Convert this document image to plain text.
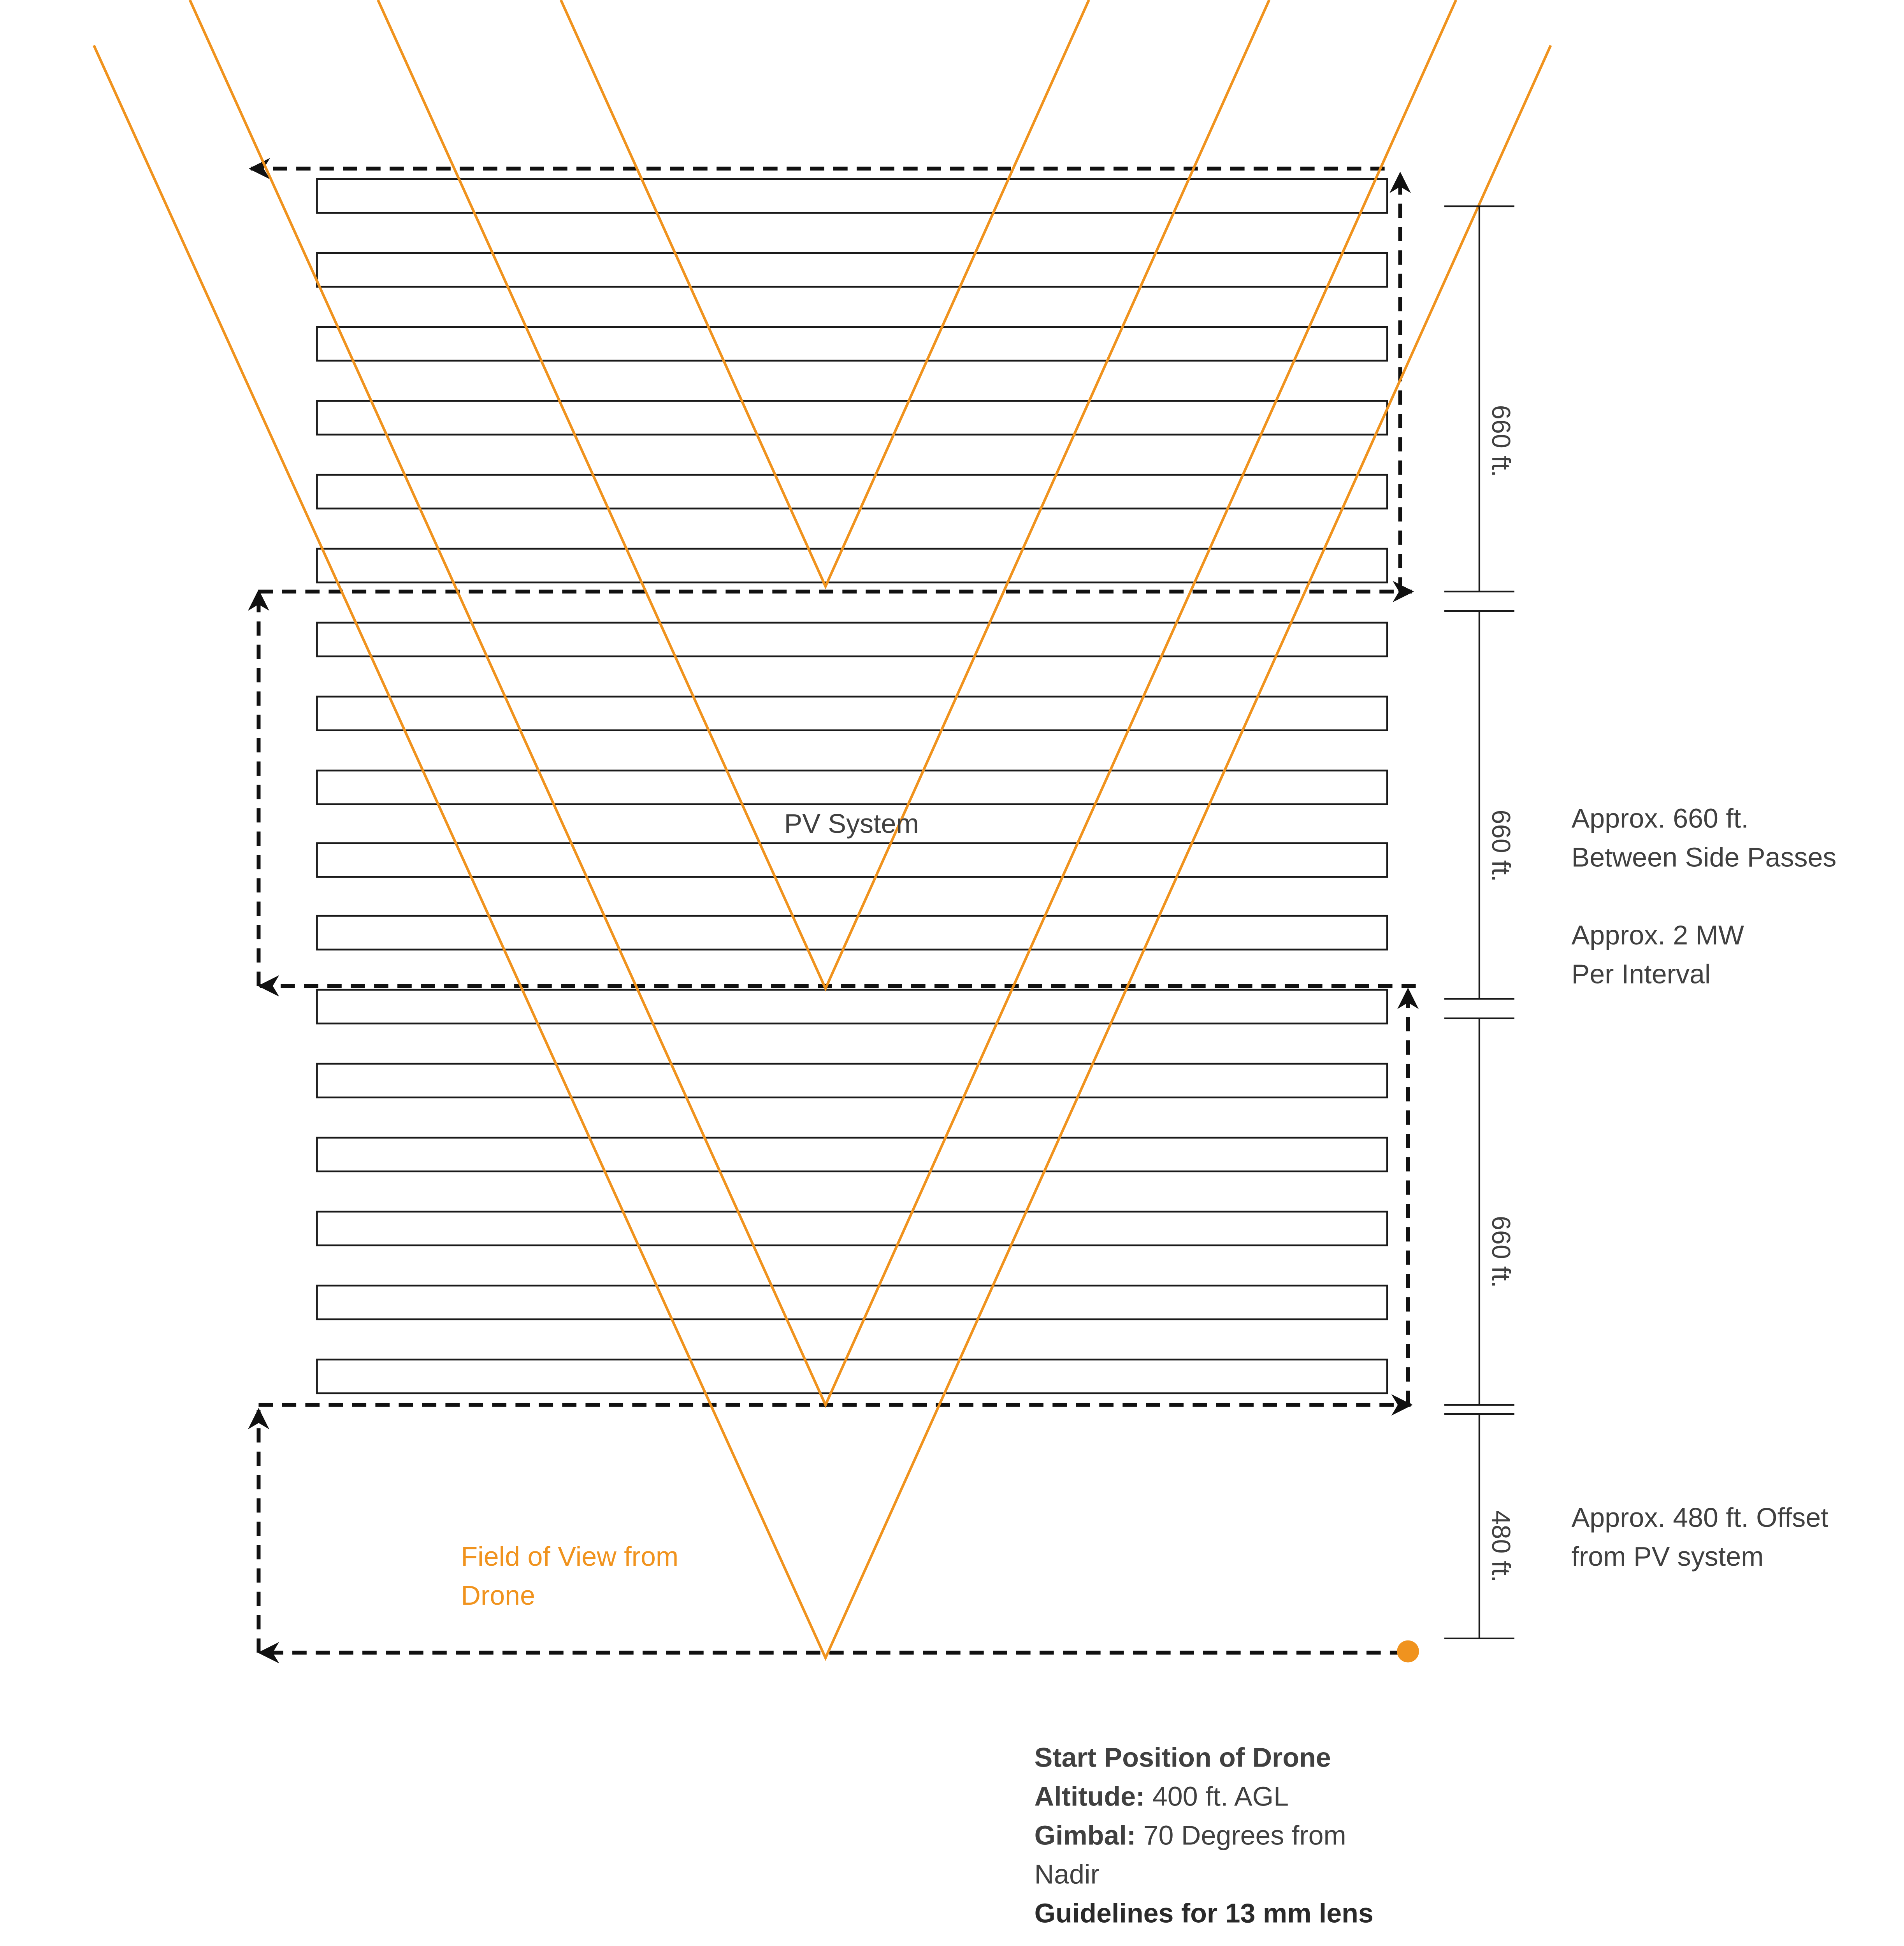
660 ft.
660 ft.
660 ft.
480 ft.
PV System
Field of View from
Drone
Approx. 660 ft.
Between Side Passes
Approx. 2 MW
Per Interval
Approx. 480 ft. Offset
from PV system
Start Position of Drone
Altitude: 400 ft. AGL
Gimbal: 70 Degrees from
Nadir
Guidelines for 13 mm lens
